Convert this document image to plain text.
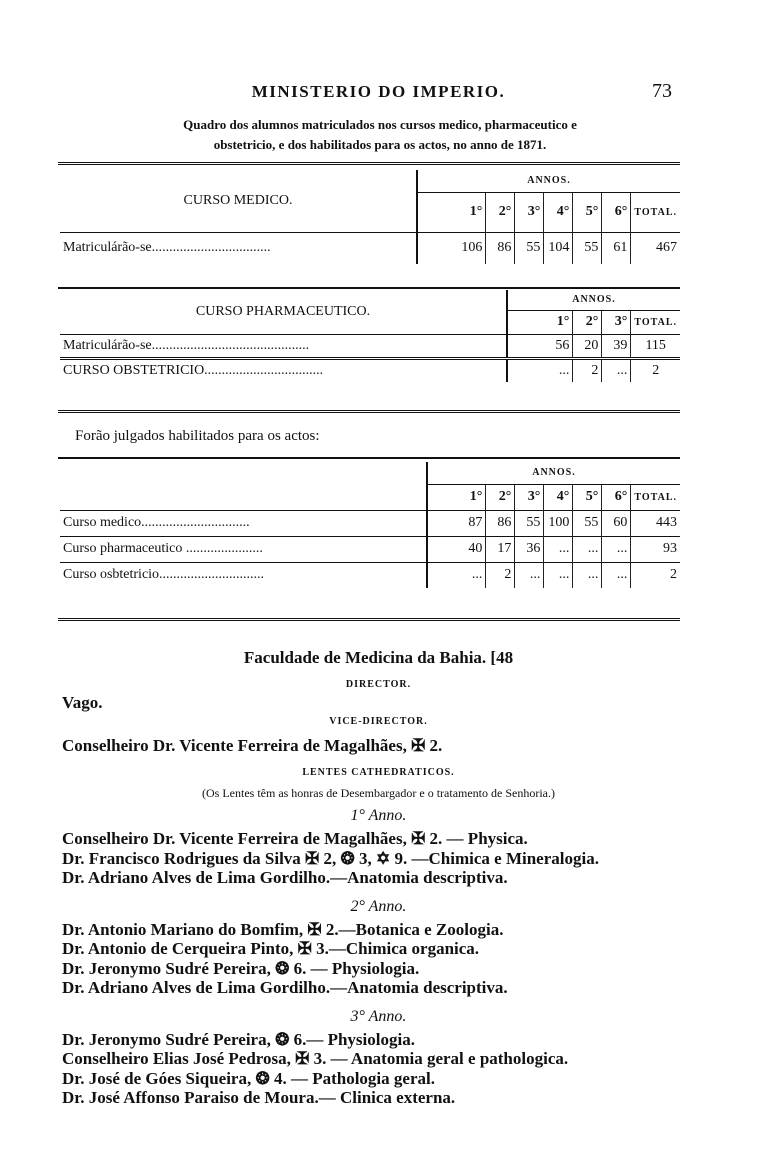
MINISTERIO DO IMPERIO.	73
Quadro dos alumnos matriculados nos cursos medico, pharmaceutico e
obstetricio, e dos habilitados para os actos, no anno de 1871.
CURSO MEDICO.	ANNOS.						
	1°	2°	3°	4°	5°	6°	TOTAL.
Matriculárão-se..................................	106	86	55	104	55	61	467
CURSO PHARMACEUTICO.	ANNOS.			
	1°	2°	3°	TOTAL.
Matriculárão-se.............................................	56	20	39	115
CURSO OBSTETRICIO..................................	...	2	...	2
Forão julgados habilitados para os actos:
	ANNOS.						
	1°	2°	3°	4°	5°	6°	TOTAL.
Curso medico...............................	87	86	55	100	55	60	443
Curso pharmaceutico ......................	40	17	36	...	...	...	93
Curso osbtetricio..............................	...	2	...	...	...	...	2
Faculdade de Medicina da Bahia. [48
DIRECTOR.
Vago.
VICE-DIRECTOR.
Conselheiro Dr. Vicente Ferreira de Magalhães, ✠ 2.
LENTES CATHEDRATICOS.
(Os Lentes têm as honras de Desembargador e o tratamento de Senhoria.)
1° Anno.
Conselheiro Dr. Vicente Ferreira de Magalhães, ✠ 2. — Physica.
Dr. Francisco Rodrigues da Silva ✠ 2, ❂ 3, ✡ 9. —Chimica e Mineralogia.
Dr. Adriano Alves de Lima Gordilho.—Anatomia descriptiva.
2° Anno.
Dr. Antonio Mariano do Bomfim, ✠ 2.—Botanica e Zoologia.
Dr. Antonio de Cerqueira Pinto, ✠ 3.—Chimica organica.
Dr. Jeronymo Sudré Pereira, ❂ 6. — Physiologia.
Dr. Adriano Alves de Lima Gordilho.—Anatomia descriptiva.
3° Anno.
Dr. Jeronymo Sudré Pereira, ❂ 6.— Physiologia.
Conselheiro Elias José Pedrosa, ✠ 3. — Anatomia geral e pathologica.
Dr. José de Góes Siqueira, ❂ 4. — Pathologia geral.
Dr. José Affonso Paraiso de Moura.— Clinica externa.
